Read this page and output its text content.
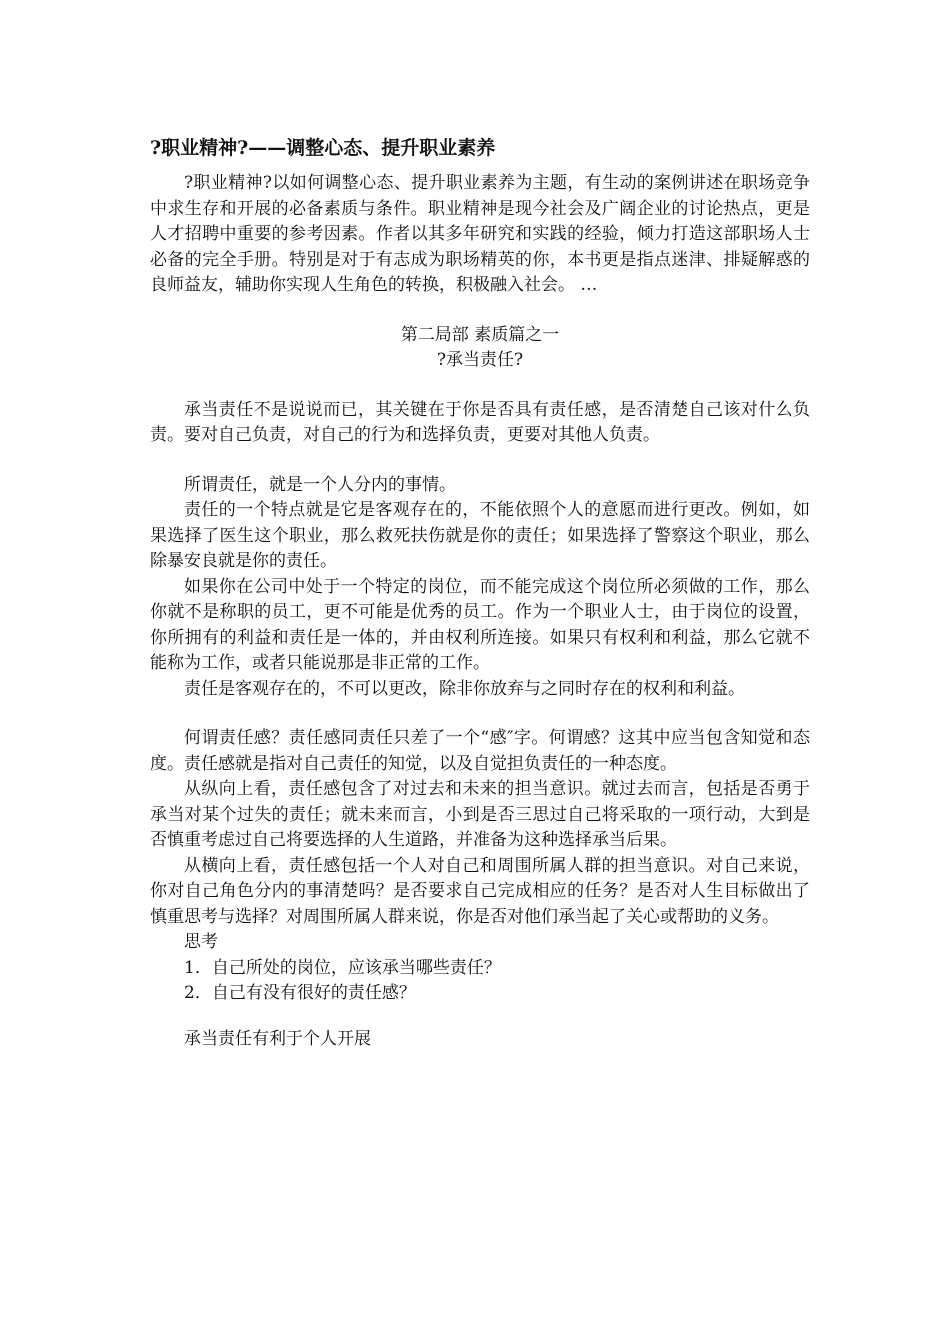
?职业精神?——调整心态、提升职业素养

?职业精神?以如何调整心态、提升职业素养为主题，有生动的案例讲述在职场竞争中求生存和开展的必备素质与条件。职业精神是现今社会及广阔企业的讨论热点，更是人才招聘中重要的参考因素。作者以其多年研究和实践的经验，倾力打造这部职场人士必备的完全手册。特别是对于有志成为职场精英的你，本书更是指点迷津、排疑解惑的良师益友，辅助你实现人生角色的转换，积极融入社会。 …

第二局部 素质篇之一

?承当责任?

承当责任不是说说而已，其关键在于你是否具有责任感，是否清楚自己该对什么负责。要对自己负责，对自己的行为和选择负责，更要对其他人负责。

所谓责任，就是一个人分内的事情。

责任的一个特点就是它是客观存在的，不能依照个人的意愿而进行更改。例如，如果选择了医生这个职业，那么救死扶伤就是你的责任；如果选择了警察这个职业，那么除暴安良就是你的责任。

如果你在公司中处于一个特定的岗位，而不能完成这个岗位所必须做的工作，那么你就不是称职的员工，更不可能是优秀的员工。作为一个职业人士，由于岗位的设置，你所拥有的利益和责任是一体的，并由权利所连接。如果只有权利和利益，那么它就不能称为工作，或者只能说那是非正常的工作。

责任是客观存在的，不可以更改，除非你放弃与之同时存在的权利和利益。

何谓责任感？责任感同责任只差了一个“感″字。何谓感？这其中应当包含知觉和态度。责任感就是指对自己责任的知觉，以及自觉担负责任的一种态度。

从纵向上看，责任感包含了对过去和未来的担当意识。就过去而言，包括是否勇于承当对某个过失的责任；就未来而言，小到是否三思过自己将采取的一项行动，大到是否慎重考虑过自己将要选择的人生道路，并准备为这种选择承当后果。

从横向上看，责任感包括一个人对自己和周围所属人群的担当意识。对自己来说，你对自己角色分内的事清楚吗？是否要求自己完成相应的任务？是否对人生目标做出了慎重思考与选择？对周围所属人群来说，你是否对他们承当起了关心或帮助的义务。

思考

1．自己所处的岗位，应该承当哪些责任？

2．自己有没有很好的责任感？

承当责任有利于个人开展
